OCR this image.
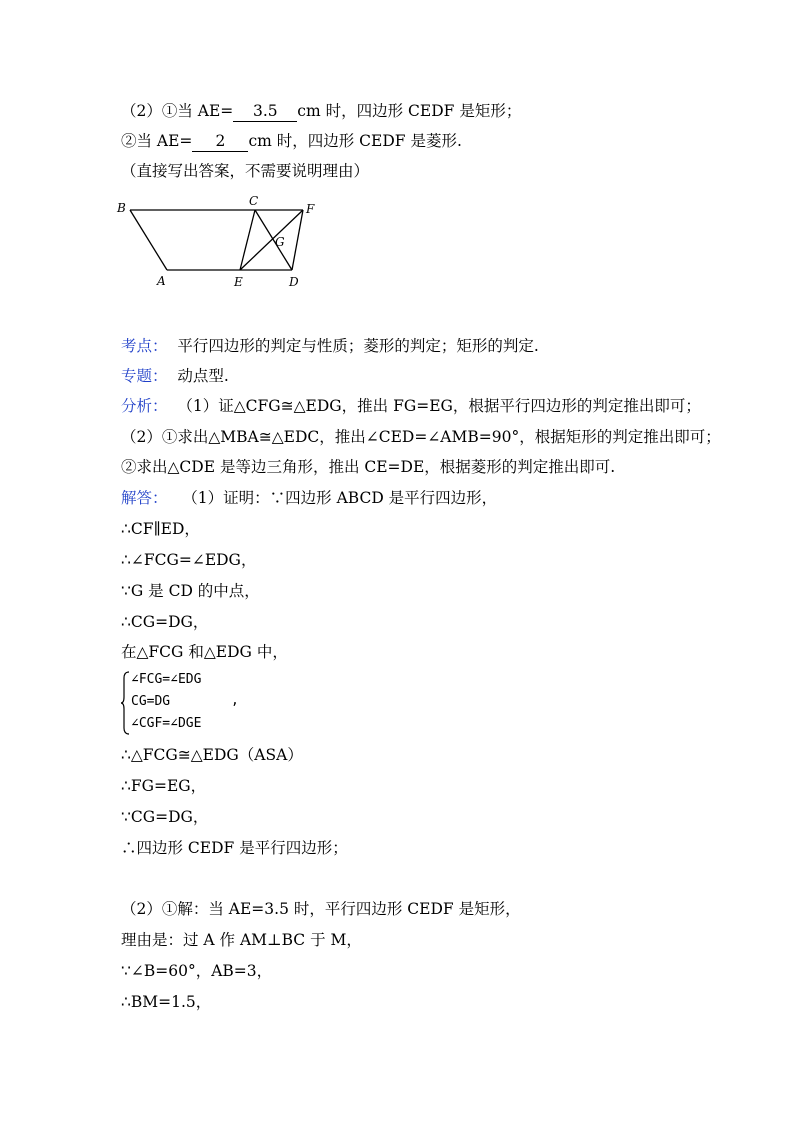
（2）①当 AE= 3.5 cm 时，四边形 CEDF 是矩形；
②当 AE= 2 cm 时，四边形 CEDF 是菱形.
（直接写出答案，不需要说明理由）
B	C
F
G
A	E	D
考点： 平行四边形的判定与性质；菱形的判定；矩形的判定.
专题： 动点型.
分析： （1）证△CFG≅△EDG，推出 FG=EG，根据平行四边形的判定推出即可；
（2）①求出△MBA≅△EDC，推出∠CED=∠AMB=90°，根据矩形的判定推出即可；
②求出△CDE 是等边三角形，推出 CE=DE，根据菱形的判定推出即可.
解答： （1）证明：∵四边形 ABCD 是平行四边形，
∴CF∥ED，
∴∠FCG=∠EDG，
∵G 是 CD 的中点，
∴CG=DG，
在△FCG 和△EDG 中，
∠FCG=∠EDG
CG=DG	,
∠CGF=∠DGE
∴△FCG≅△EDG（ASA）
∴FG=EG，
∵CG=DG，
∴四边形 CEDF 是平行四边形；
（2）①解：当 AE=3.5 时，平行四边形 CEDF 是矩形，
理由是：过 A 作 AM⊥BC 于 M，
∵∠B=60°，AB=3，
∴BM=1.5，
